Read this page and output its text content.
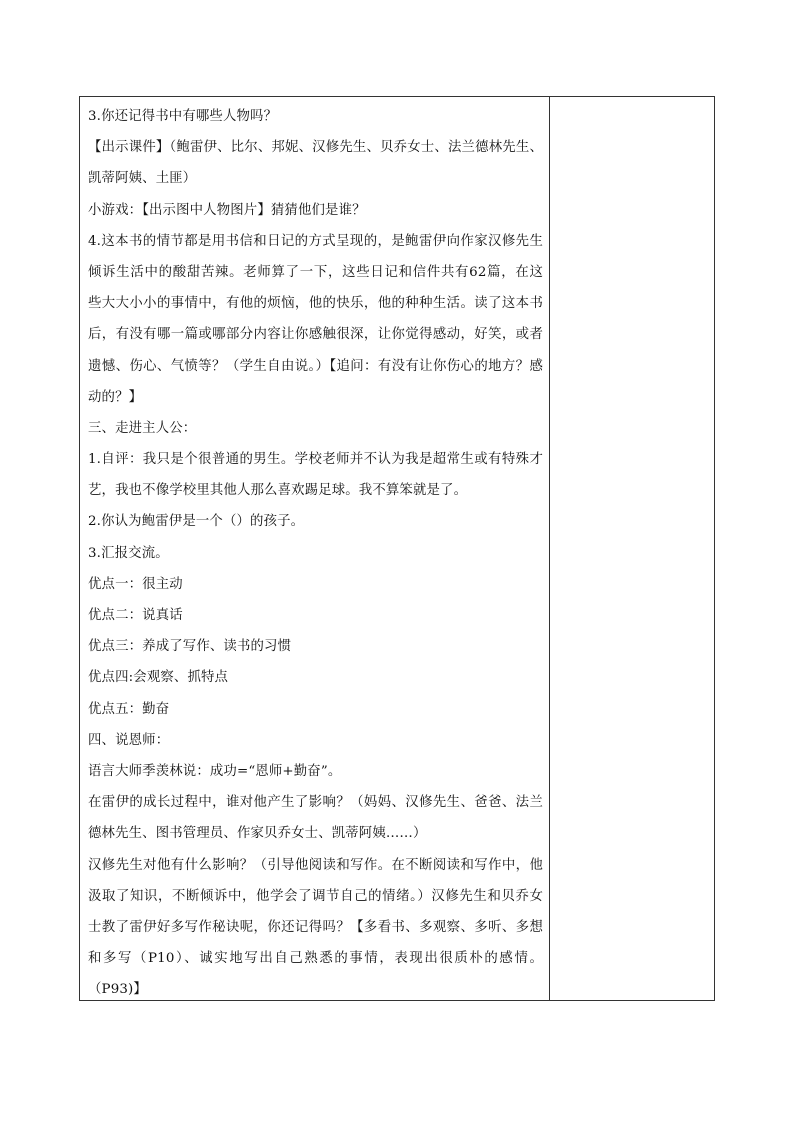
3.你还记得书中有哪些人物吗？
【出示课件】（鲍雷伊、比尔、邦妮、汉修先生、贝乔女士、法兰德林先生、
凯蒂阿姨、土匪）
小游戏：【出示图中人物图片】猜猜他们是谁？
4.这本书的情节都是用书信和日记的方式呈现的，是鲍雷伊向作家汉修先生
倾诉生活中的酸甜苦辣。老师算了一下，这些日记和信件共有62篇，在这
些大大小小的事情中，有他的烦恼，他的快乐，他的种种生活。读了这本书
后，有没有哪一篇或哪部分内容让你感触很深，让你觉得感动，好笑，或者
遗憾、伤心、气愤等？（学生自由说。）【追问：有没有让你伤心的地方？感
动的？】
三、走进主人公：
1.自评：我只是个很普通的男生。学校老师并不认为我是超常生或有特殊才
艺，我也不像学校里其他人那么喜欢踢足球。我不算笨就是了。
2.你认为鲍雷伊是一个（）的孩子。
3.汇报交流。
优点一：很主动
优点二：说真话
优点三：养成了写作、读书的习惯
优点四:会观察、抓特点
优点五：勤奋
四、说恩师：
语言大师季羡林说：成功=“恩师+勤奋”。
在雷伊的成长过程中，谁对他产生了影响？（妈妈、汉修先生、爸爸、法兰
德林先生、图书管理员、作家贝乔女士、凯蒂阿姨……）
汉修先生对他有什么影响？（引导他阅读和写作。在不断阅读和写作中，他
汲取了知识，不断倾诉中，他学会了调节自己的情绪。）汉修先生和贝乔女
士教了雷伊好多写作秘诀呢，你还记得吗？【多看书、多观察、多听、多想
和多写（P10）、诚实地写出自己熟悉的事情，表现出很质朴的感情。
（P93)】
